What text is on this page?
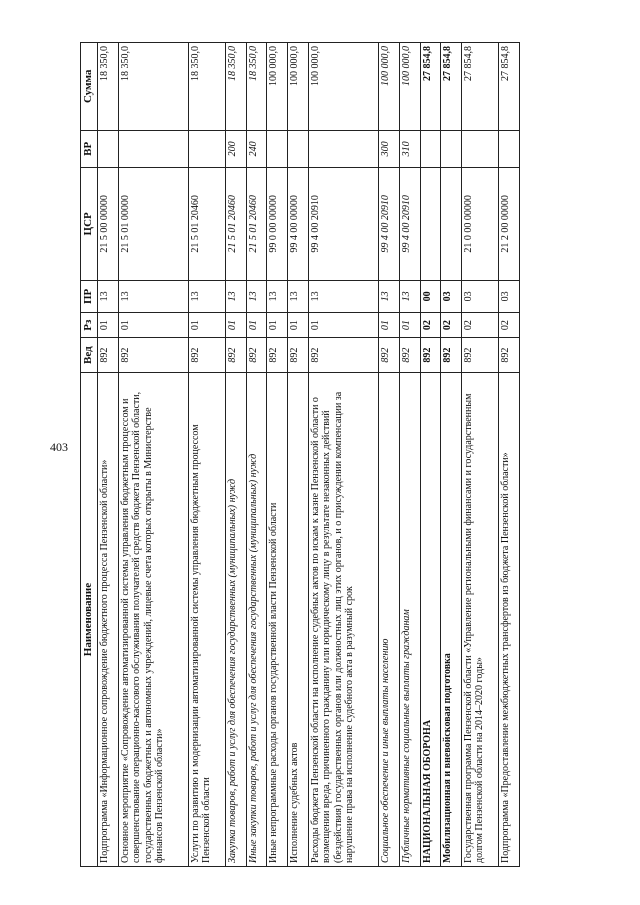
403
Наименование	Вед	Рз	ПР	ЦСР	ВР	Сумма
Подпрограмма «Информационное сопровождение бюджетного процесса Пензенской области»	892	01	13	21 5 00 00000		18 350,0
Основное мероприятие «Сопровождение автоматизированной системы управления бюджетным процессом и совершенствование операционно-кассового обслуживания получателей средств бюджета Пензенской области, государственных бюджетных и автономных учреждений, лицевые счета которых открыты в Министерстве финансов Пензенской области»	892	01	13	21 5 01 00000		18 350,0
Услуги по развитию и модернизации автоматизированной системы управления бюджетным процессом Пензенской области	892	01	13	21 5 01 20460		18 350,0
Закупка товаров, работ и услуг для обеспечения государственных (муниципальных) нужд	892	01	13	21 5 01 20460	200	18 350,0
Иные закупки товаров, работ и услуг для обеспечения государственных (муниципальных) нужд	892	01	13	21 5 01 20460	240	18 350,0
Иные непрограммные расходы органов государственной власти Пензенской области	892	01	13	99 0 00 00000		100 000,0
Исполнение судебных актов	892	01	13	99 4 00 00000		100 000,0
Расходы бюджета Пензенской области на исполнение судебных актов по искам к казне Пензенской области о возмещении вреда, причиненного гражданину или юридическому лицу в результате незаконных действий (бездействия) государственных органов или должностных лиц этих органов, и о присуждении компенсации за нарушение права на исполнение судебного акта в разумный срок	892	01	13	99 4 00 20910		100 000,0
Социальное обеспечение и иные выплаты населению	892	01	13	99 4 00 20910	300	100 000,0
Публичные нормативные социальные выплаты гражданам	892	01	13	99 4 00 20910	310	100 000,0
НАЦИОНАЛЬНАЯ ОБОРОНА	892	02	00			27 854,8
Мобилизационная и вневойсковая подготовка	892	02	03			27 854,8
Государственная программа Пензенской области «Управление региональными финансами и государственным долгом Пензенской области на 2014–2020 годы»	892	02	03	21 0 00 00000		27 854,8
Подпрограмма «Предоставление межбюджетных трансфертов из бюджета Пензенской области»	892	02	03	21 2 00 00000		27 854,8
